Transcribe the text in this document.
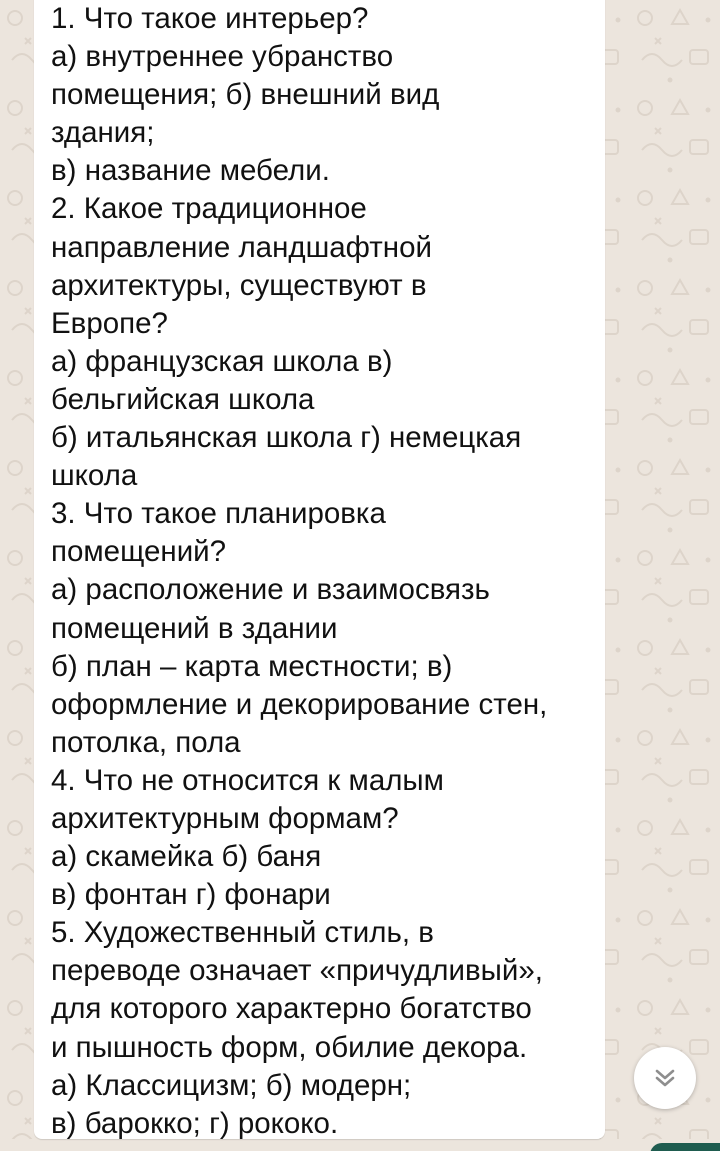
1. Что такое интерьер?
а) внутреннее убранство
помещения; б) внешний вид
здания;
в) название мебели.
2. Какое традиционное
направление ландшафтной
архитектуры, существуют в
Европе?
а) французская школа в)
бельгийская школа
б) итальянская школа г) немецкая
школа
3. Что такое планировка
помещений?
а) расположение и взаимосвязь
помещений в здании
б) план – карта местности; в)
оформление и декорирование стен,
потолка, пола
4. Что не относится к малым
архитектурным формам?
а) скамейка б) баня
в) фонтан г) фонари
5. Художественный стиль, в
переводе означает «причудливый»,
для которого характерно богатство
и пышность форм, обилие декора.
а) Классицизм; б) модерн;
в) барокко; г) рококо.
